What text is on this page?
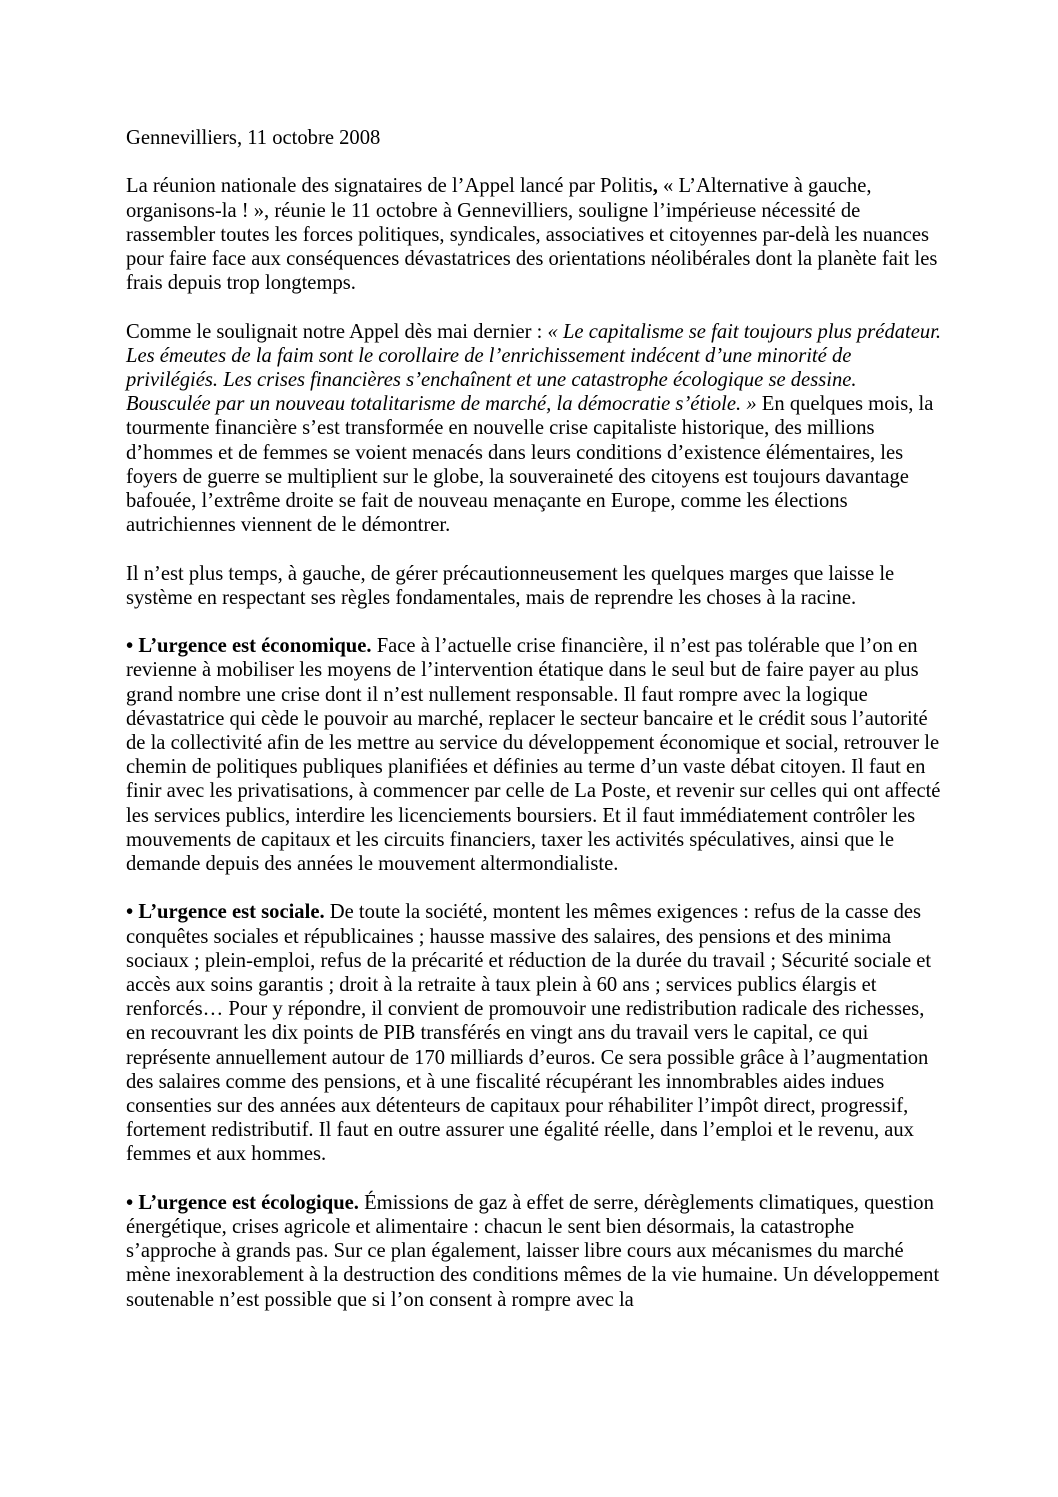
Gennevilliers, 11 octobre 2008

La réunion nationale des signataires de l’Appel lancé par Politis, « L’Alternative à gauche, organisons-la ! », réunie le 11 octobre à Gennevilliers, souligne l’impérieuse nécessité de rassembler toutes les forces politiques, syndicales, associatives et citoyennes par-delà les nuances pour faire face aux conséquences dévastatrices des orientations néolibérales dont la planète fait les frais depuis trop longtemps.

Comme le soulignait notre Appel dès mai dernier : « Le capitalisme se fait toujours plus prédateur. Les émeutes de la faim sont le corollaire de l’enrichissement indécent d’une minorité de privilégiés. Les crises financières s’enchaînent et une catastrophe écologique se dessine. Bousculée par un nouveau totalitarisme de marché, la démocratie s’étiole. » En quelques mois, la tourmente financière s’est transformée en nouvelle crise capitaliste historique, des millions d’hommes et de femmes se voient menacés dans leurs conditions d’existence élémentaires, les foyers de guerre se multiplient sur le globe, la souveraineté des citoyens est toujours davantage bafouée, l’extrême droite se fait de nouveau menaçante en Europe, comme les élections autrichiennes viennent de le démontrer.

Il n’est plus temps, à gauche, de gérer précautionneusement les quelques marges que laisse le système en respectant ses règles fondamentales, mais de reprendre les choses à la racine.

• L’urgence est économique. Face à l’actuelle crise financière, il n’est pas tolérable que l’on en revienne à mobiliser les moyens de l’intervention étatique dans le seul but de faire payer au plus grand nombre une crise dont il n’est nullement responsable. Il faut rompre avec la logique dévastatrice qui cède le pouvoir au marché, replacer le secteur bancaire et le crédit sous l’autorité de la collectivité afin de les mettre au service du développement économique et social, retrouver le chemin de politiques publiques planifiées et définies au terme d’un vaste débat citoyen. Il faut en finir avec les privatisations, à commencer par celle de La Poste, et revenir sur celles qui ont affecté les services publics, interdire les licenciements boursiers. Et il faut immédiatement contrôler les mouvements de capitaux et les circuits financiers, taxer les activités spéculatives, ainsi que le demande depuis des années le mouvement altermondialiste.

• L’urgence est sociale. De toute la société, montent les mêmes exigences : refus de la casse des conquêtes sociales et républicaines ; hausse massive des salaires, des pensions et des minima sociaux ; plein-emploi, refus de la précarité et réduction de la durée du travail ; Sécurité sociale et accès aux soins garantis ; droit à la retraite à taux plein à 60 ans ; services publics élargis et renforcés… Pour y répondre, il convient de promouvoir une redistribution radicale des richesses, en recouvrant les dix points de PIB transférés en vingt ans du travail vers le capital, ce qui représente annuellement autour de 170 milliards d’euros. Ce sera possible grâce à l’augmentation des salaires comme des pensions, et à une fiscalité récupérant les innombrables aides indues consenties sur des années aux détenteurs de capitaux pour réhabiliter l’impôt direct, progressif, fortement redistributif. Il faut en outre assurer une égalité réelle, dans l’emploi et le revenu, aux femmes et aux hommes.

• L’urgence est écologique. Émissions de gaz à effet de serre, dérèglements climatiques, question énergétique, crises agricole et alimentaire : chacun le sent bien désormais, la catastrophe s’approche à grands pas. Sur ce plan également, laisser libre cours aux mécanismes du marché mène inexorablement à la destruction des conditions mêmes de la vie humaine. Un développement soutenable n’est possible que si l’on consent à rompre avec la
